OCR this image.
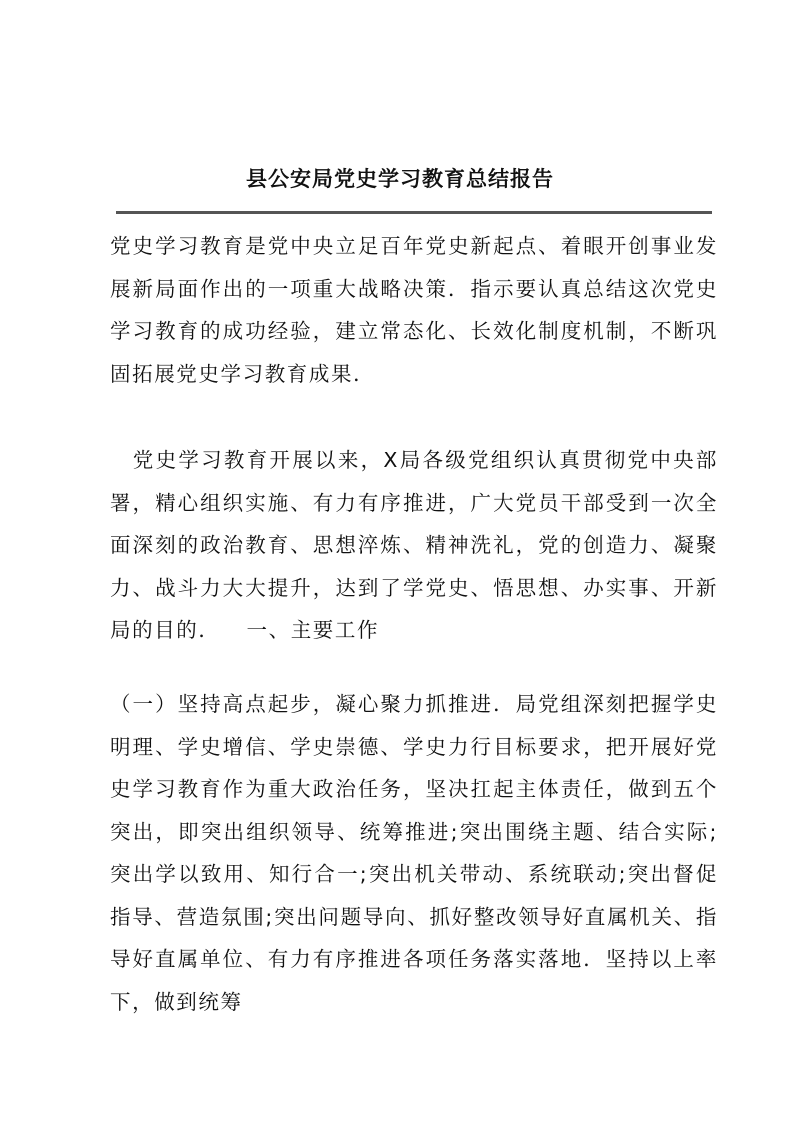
县公安局党史学习教育总结报告

党史学习教育是党中央立足百年党史新起点、着眼开创事业发展新局面作出的一项重大战略决策．指示要认真总结这次党史学习教育的成功经验，建立常态化、长效化制度机制，不断巩固拓展党史学习教育成果．

　党史学习教育开展以来，X局各级党组织认真贯彻党中央部署，精心组织实施、有力有序推进，广大党员干部受到一次全面深刻的政治教育、思想淬炼、精神洗礼，党的创造力、凝聚力、战斗力大大提升，达到了学党史、悟思想、办实事、开新局的目的． 一、主要工作

（一）坚持高点起步，凝心聚力抓推进．局党组深刻把握学史明理、学史增信、学史崇德、学史力行目标要求，把开展好党史学习教育作为重大政治任务，坚决扛起主体责任，做到五个突出，即突出组织领导、统筹推进;突出围绕主题、结合实际;突出学以致用、知行合一;突出机关带动、系统联动;突出督促指导、营造氛围;突出问题导向、抓好整改领导好直属机关、指导好直属单位、有力有序推进各项任务落实落地．坚持以上率下，做到统筹
